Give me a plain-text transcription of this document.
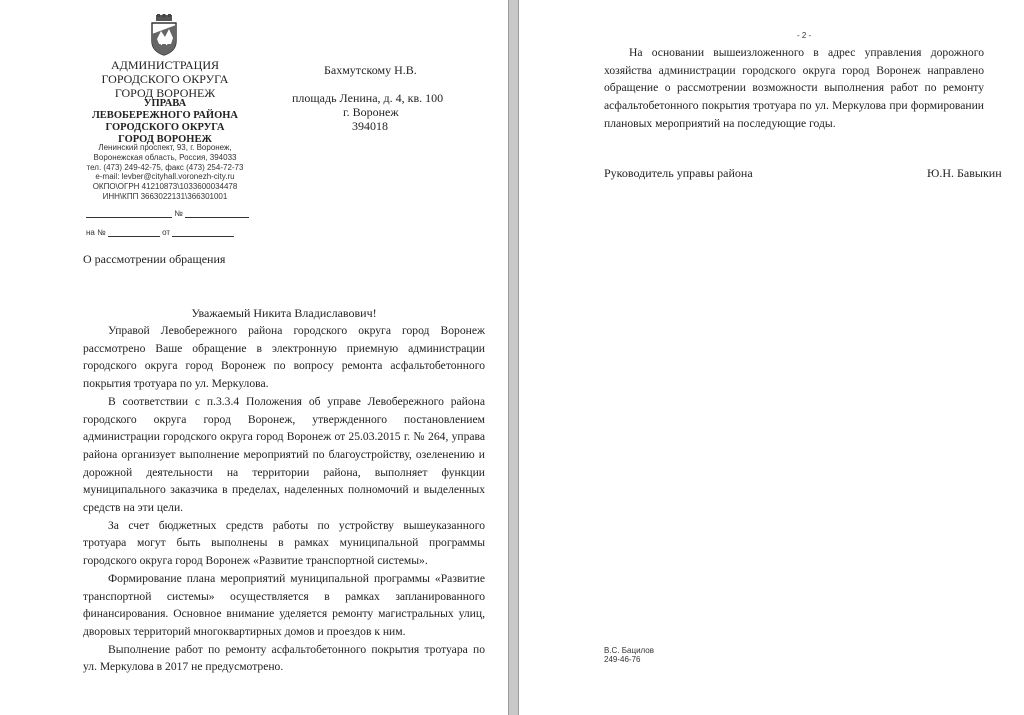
АДМИНИСТРАЦИЯ
ГОРОДСКОГО ОКРУГА
ГОРОД ВОРОНЕЖ
УПРАВА
ЛЕВОБЕРЕЖНОГО РАЙОНА
ГОРОДСКОГО ОКРУГА
ГОРОД ВОРОНЕЖ
Ленинский проспект, 93, г. Воронеж,
Воронежская область, Россия, 394033
тел. (473) 249-42-75, факс (473) 254-72-73
e-mail: levber@cityhall.voronezh-city.ru
ОКПО\ОГРН 41210873\1033600034478
ИНН\КПП 3663022131\366301001
№
на №	от
Бахмутскому Н.В.
площадь Ленина, д. 4, кв. 100
г. Воронеж
394018
О рассмотрении обращения
Уважаемый Никита Владиславович!

Управой Левобережного района городского округа город Воронеж рассмотрено Ваше обращение в электронную приемную администрации городского округа город Воронеж по вопросу ремонта асфальтобетонного покрытия тротуара по ул. Меркулова.

В соответствии с п.3.3.4 Положения об управе Левобережного района городского округа город Воронеж, утвержденного постановлением администрации городского округа город Воронеж от 25.03.2015 г. № 264, управа района организует выполнение мероприятий по благоустройству, озеленению и дорожной деятельности на территории района, выполняет функции муниципального заказчика в пределах, наделенных полномочий и выделенных средств на эти цели.

За счет бюджетных средств работы по устройству вышеуказанного тротуара могут быть выполнены в рамках муниципальной программы городского округа город Воронеж «Развитие транспортной системы».

Формирование плана мероприятий муниципальной программы «Развитие транспортной системы» осуществляется в рамках запланированного финансирования. Основное внимание уделяется ремонту магистральных улиц, дворовых территорий многоквартирных домов и проездов к ним.

Выполнение работ по ремонту асфальтобетонного покрытия тротуара по ул. Меркулова в 2017 не предусмотрено.

- 2 -

На основании вышеизложенного в адрес управления дорожного хозяйства администрации городского округа город Воронеж направлено обращение о рассмотрении возможности выполнения работ по ремонту асфальтобетонного покрытия тротуара по ул. Меркулова при формировании плановых мероприятий на последующие годы.

Руководитель управы района	Ю.Н. Бавыкин
В.С. Бацилов
249-46-76
